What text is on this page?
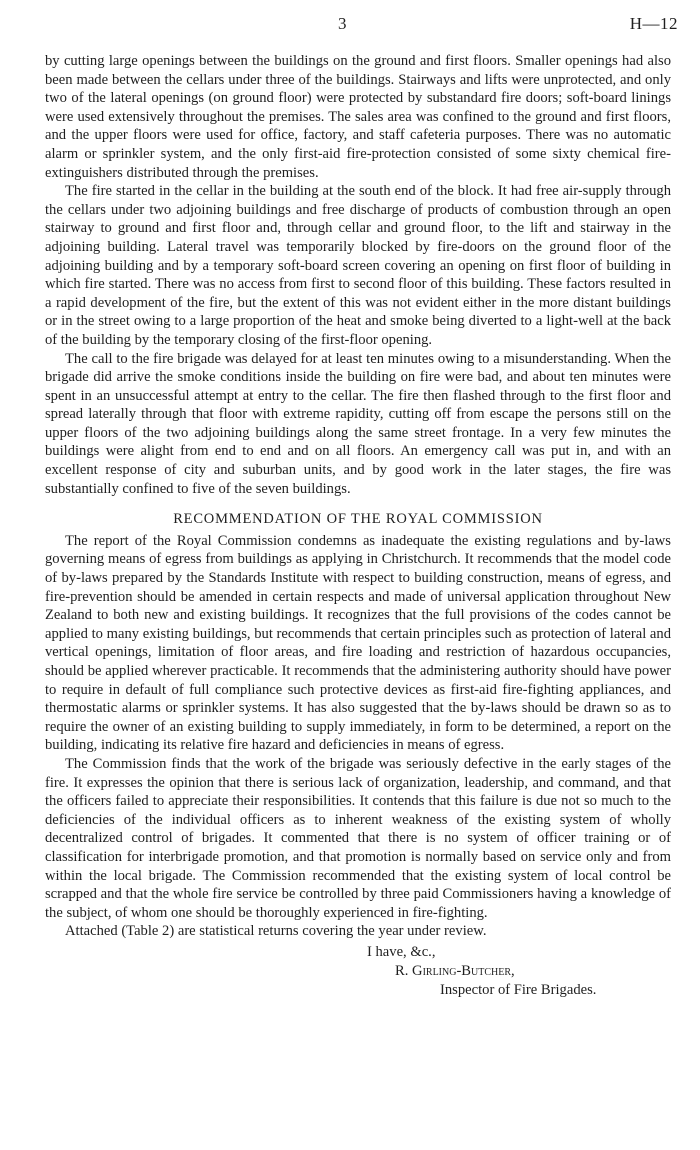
3	H—12

by cutting large openings between the buildings on the ground and first floors. Smaller openings had also been made between the cellars under three of the buildings. Stairways and lifts were unprotected, and only two of the lateral openings (on ground floor) were protected by substandard fire doors; soft-board linings were used extensively throughout the premises. The sales area was confined to the ground and first floors, and the upper floors were used for office, factory, and staff cafeteria purposes. There was no automatic alarm or sprinkler system, and the only first-aid fire-protection consisted of some sixty chemical fire-extinguishers distributed through the premises.

The fire started in the cellar in the building at the south end of the block. It had free air-supply through the cellars under two adjoining buildings and free discharge of products of combustion through an open stairway to ground and first floor and, through cellar and ground floor, to the lift and stairway in the adjoining building. Lateral travel was temporarily blocked by fire-doors on the ground floor of the adjoining building and by a temporary soft-board screen covering an opening on first floor of building in which fire started. There was no access from first to second floor of this building. These factors resulted in a rapid development of the fire, but the extent of this was not evident either in the more distant buildings or in the street owing to a large proportion of the heat and smoke being diverted to a light-well at the back of the building by the temporary closing of the first-floor opening.

The call to the fire brigade was delayed for at least ten minutes owing to a misunderstanding. When the brigade did arrive the smoke conditions inside the building on fire were bad, and about ten minutes were spent in an unsuccessful attempt at entry to the cellar. The fire then flashed through to the first floor and spread laterally through that floor with extreme rapidity, cutting off from escape the persons still on the upper floors of the two adjoining buildings along the same street frontage. In a very few minutes the buildings were alight from end to end and on all floors. An emergency call was put in, and with an excellent response of city and suburban units, and by good work in the later stages, the fire was substantially confined to five of the seven buildings.

RECOMMENDATION OF THE ROYAL COMMISSION

The report of the Royal Commission condemns as inadequate the existing regulations and by-laws governing means of egress from buildings as applying in Christchurch. It recommends that the model code of by-laws prepared by the Standards Institute with respect to building construction, means of egress, and fire-prevention should be amended in certain respects and made of universal application throughout New Zealand to both new and existing buildings. It recognizes that the full provisions of the codes cannot be applied to many existing buildings, but recommends that certain principles such as protection of lateral and vertical openings, limitation of floor areas, and fire loading and restriction of hazardous occupancies, should be applied wherever practicable. It recommends that the administering authority should have power to require in default of full compliance such protective devices as first-aid fire-fighting appliances, and thermostatic alarms or sprinkler systems. It has also suggested that the by-laws should be drawn so as to require the owner of an existing building to supply immediately, in form to be determined, a report on the building, indicating its relative fire hazard and deficiencies in means of egress.

The Commission finds that the work of the brigade was seriously defective in the early stages of the fire. It expresses the opinion that there is serious lack of organization, leadership, and command, and that the officers failed to appreciate their responsibilities. It contends that this failure is due not so much to the deficiencies of the individual officers as to inherent weakness of the existing system of wholly decentralized control of brigades. It commented that there is no system of officer training or of classification for interbrigade promotion, and that promotion is normally based on service only and from within the local brigade. The Commission recommended that the existing system of local control be scrapped and that the whole fire service be controlled by three paid Commissioners having a knowledge of the subject, of whom one should be thoroughly experienced in fire-fighting.

Attached (Table 2) are statistical returns covering the year under review.

I have, &c.,
R. Girling-Butcher,
Inspector of Fire Brigades.
